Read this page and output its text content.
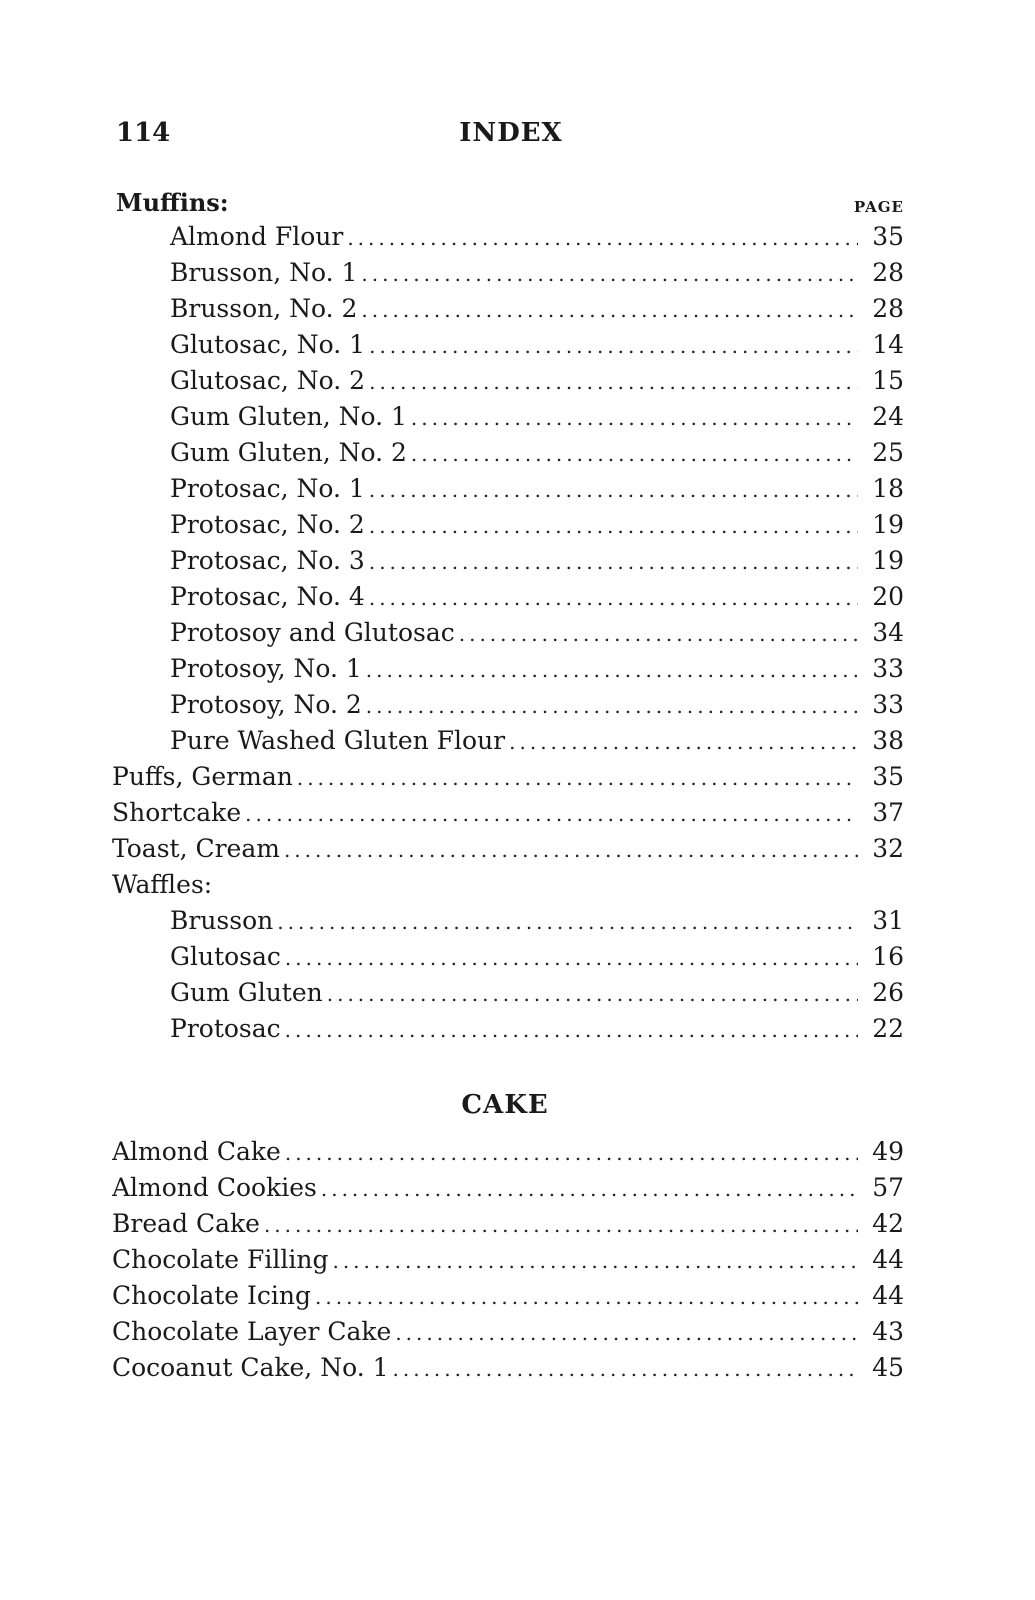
114	INDEX
Muffins:	PAGE
Almond Flour .....	35
Brusson, No. 1 .....	28
Brusson, No. 2 .....	28
Glutosac, No. 1 .....	14
Glutosac, No. 2 .....	15
Gum Gluten, No. 1 .....	24
Gum Gluten, No. 2 .....	25
Protosac, No. 1 .....	18
Protosac, No. 2 .....	19
Protosac, No. 3 .....	19
Protosac, No. 4 .....	20
Protosoy and Glutosac .....	34
Protosoy, No. 1 .....	33
Protosoy, No. 2 .....	33
Pure Washed Gluten Flour .....	38
Puffs, German .....	35
Shortcake .....	37
Toast, Cream .....	32
Waffles:
Brusson .....	31
Glutosac .....	16
Gum Gluten .....	26
Protosac .....	22
CAKE
Almond Cake .....	49
Almond Cookies .....	57
Bread Cake .....	42
Chocolate Filling .....	44
Chocolate Icing .....	44
Chocolate Layer Cake .....	43
Cocoanut Cake, No. 1 .....	45
